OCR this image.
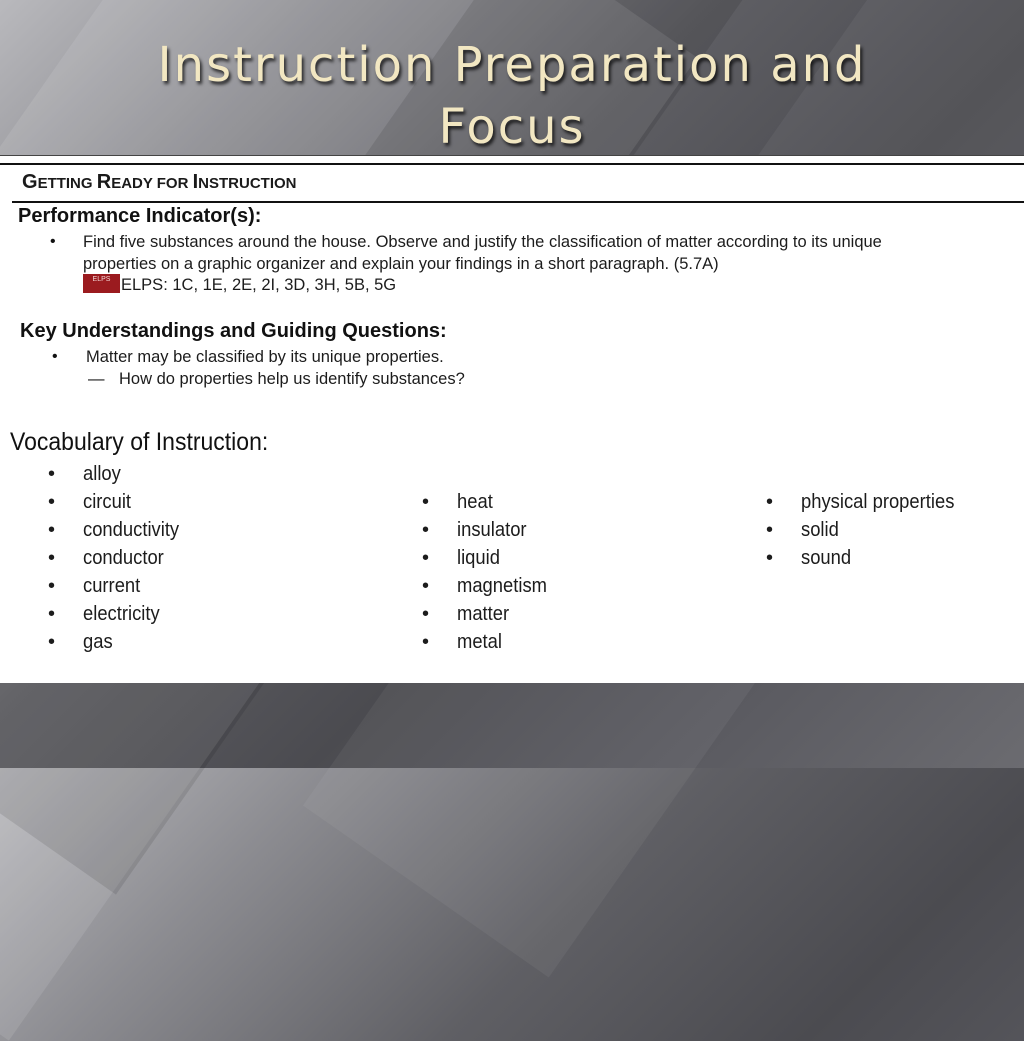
Instruction Preparation and
Focus
GETTING READY FOR INSTRUCTION
Performance Indicator(s):
• Find five substances around the house. Observe and justify the classification of matter according to its unique
properties on a graphic organizer and explain your findings in a short paragraph. (5.7A)
ELPS ELPS: 1C, 1E, 2E, 2I, 3D, 3H, 5B, 5G
Key Understandings and Guiding Questions:
• Matter may be classified by its unique properties.
— How do properties help us identify substances?
Vocabulary of Instruction:
• alloy
• circuit
• conductivity
• conductor
• current
• electricity
• gas
• heat
• insulator
• liquid
• magnetism
• matter
• metal
• physical properties
• solid
• sound
